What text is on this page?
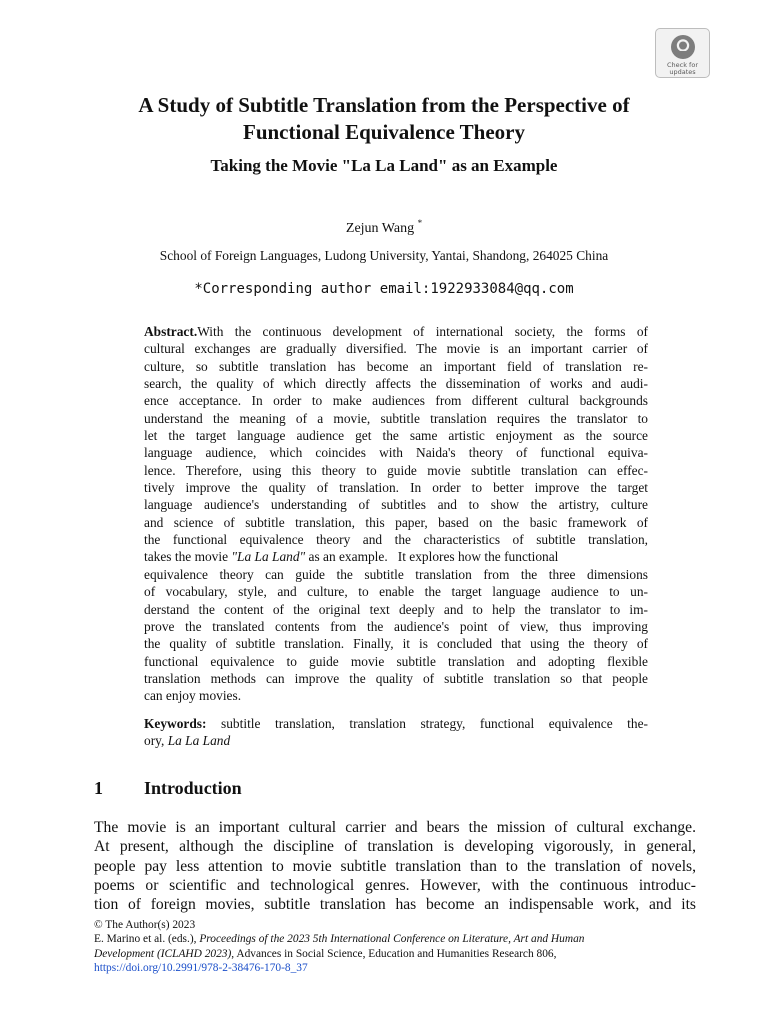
Check for
updates
A Study of Subtitle Translation from the Perspective of
Functional Equivalence Theory
Taking the Movie "La La Land" as an Example
Zejun Wang *
School of Foreign Languages, Ludong University, Yantai, Shandong, 264025 China
*Corresponding author email:1922933084@qq.com
Abstract.With the continuous development of international society, the forms of
cultural exchanges are gradually diversified. The movie is an important carrier of
culture, so subtitle translation has become an important field of translation re-
search, the quality of which directly affects the dissemination of works and audi-
ence acceptance. In order to make audiences from different cultural backgrounds
understand the meaning of a movie, subtitle translation requires the translator to
let the target language audience get the same artistic enjoyment as the source
language audience, which coincides with Naida's theory of functional equiva-
lence. Therefore, using this theory to guide movie subtitle translation can effec-
tively improve the quality of translation. In order to better improve the target
language audience's understanding of subtitles and to show the artistry, culture
and science of subtitle translation, this paper, based on the basic framework of
the functional equivalence theory and the characteristics of subtitle translation,
takes the movie "La La Land" as an example.   It explores how the functional
equivalence theory can guide the subtitle translation from the three dimensions
of vocabulary, style, and culture, to enable the target language audience to un-
derstand the content of the original text deeply and to help the translator to im-
prove the translated contents from the audience's point of view, thus improving
the quality of subtitle translation. Finally, it is concluded that using the theory of
functional equivalence to guide movie subtitle translation and adopting flexible
translation methods can improve the quality of subtitle translation so that people
can enjoy movies.
Keywords: subtitle translation, translation strategy, functional equivalence the-
ory, La La Land
1 Introduction
The movie is an important cultural carrier and bears the mission of cultural exchange.
At present, although the discipline of translation is developing vigorously, in general,
people pay less attention to movie subtitle translation than to the translation of novels,
poems or scientific and technological genres. However, with the continuous introduc-
tion of foreign movies, subtitle translation has become an indispensable work, and its
© The Author(s) 2023
E. Marino et al. (eds.), Proceedings of the 2023 5th International Conference on Literature, Art and Human
Development (ICLAHD 2023), Advances in Social Science, Education and Humanities Research 806,
https://doi.org/10.2991/978-2-38476-170-8_37
